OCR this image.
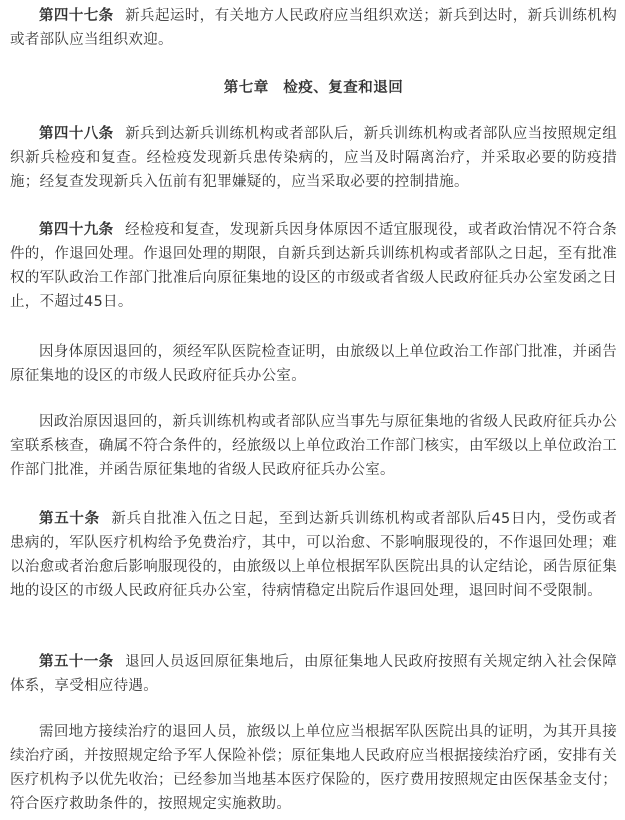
第四十七条 新兵起运时，有关地方人民政府应当组织欢送；新兵到达时，新兵训练机构或者部队应当组织欢迎。

第七章 检疫、复查和退回

第四十八条 新兵到达新兵训练机构或者部队后，新兵训练机构或者部队应当按照规定组织新兵检疫和复查。经检疫发现新兵患传染病的，应当及时隔离治疗，并采取必要的防疫措施；经复查发现新兵入伍前有犯罪嫌疑的，应当采取必要的控制措施。

第四十九条 经检疫和复查，发现新兵因身体原因不适宜服现役，或者政治情况不符合条件的，作退回处理。作退回处理的期限，自新兵到达新兵训练机构或者部队之日起，至有批准权的军队政治工作部门批准后向原征集地的设区的市级或者省级人民政府征兵办公室发函之日止，不超过45日。

因身体原因退回的，须经军队医院检查证明，由旅级以上单位政治工作部门批准，并函告原征集地的设区的市级人民政府征兵办公室。

因政治原因退回的，新兵训练机构或者部队应当事先与原征集地的省级人民政府征兵办公室联系核查，确属不符合条件的，经旅级以上单位政治工作部门核实，由军级以上单位政治工作部门批准，并函告原征集地的省级人民政府征兵办公室。

第五十条 新兵自批准入伍之日起，至到达新兵训练机构或者部队后45日内，受伤或者患病的，军队医疗机构给予免费治疗，其中，可以治愈、不影响服现役的，不作退回处理；难以治愈或者治愈后影响服现役的，由旅级以上单位根据军队医院出具的认定结论，函告原征集地的设区的市级人民政府征兵办公室，待病情稳定出院后作退回处理，退回时间不受限制。

第五十一条 退回人员返回原征集地后，由原征集地人民政府按照有关规定纳入社会保障体系，享受相应待遇。

需回地方接续治疗的退回人员，旅级以上单位应当根据军队医院出具的证明，为其开具接续治疗函，并按照规定给予军人保险补偿；原征集地人民政府应当根据接续治疗函，安排有关医疗机构予以优先收治；已经参加当地基本医疗保险的，医疗费用按照规定由医保基金支付；符合医疗救助条件的，按照规定实施救助。
